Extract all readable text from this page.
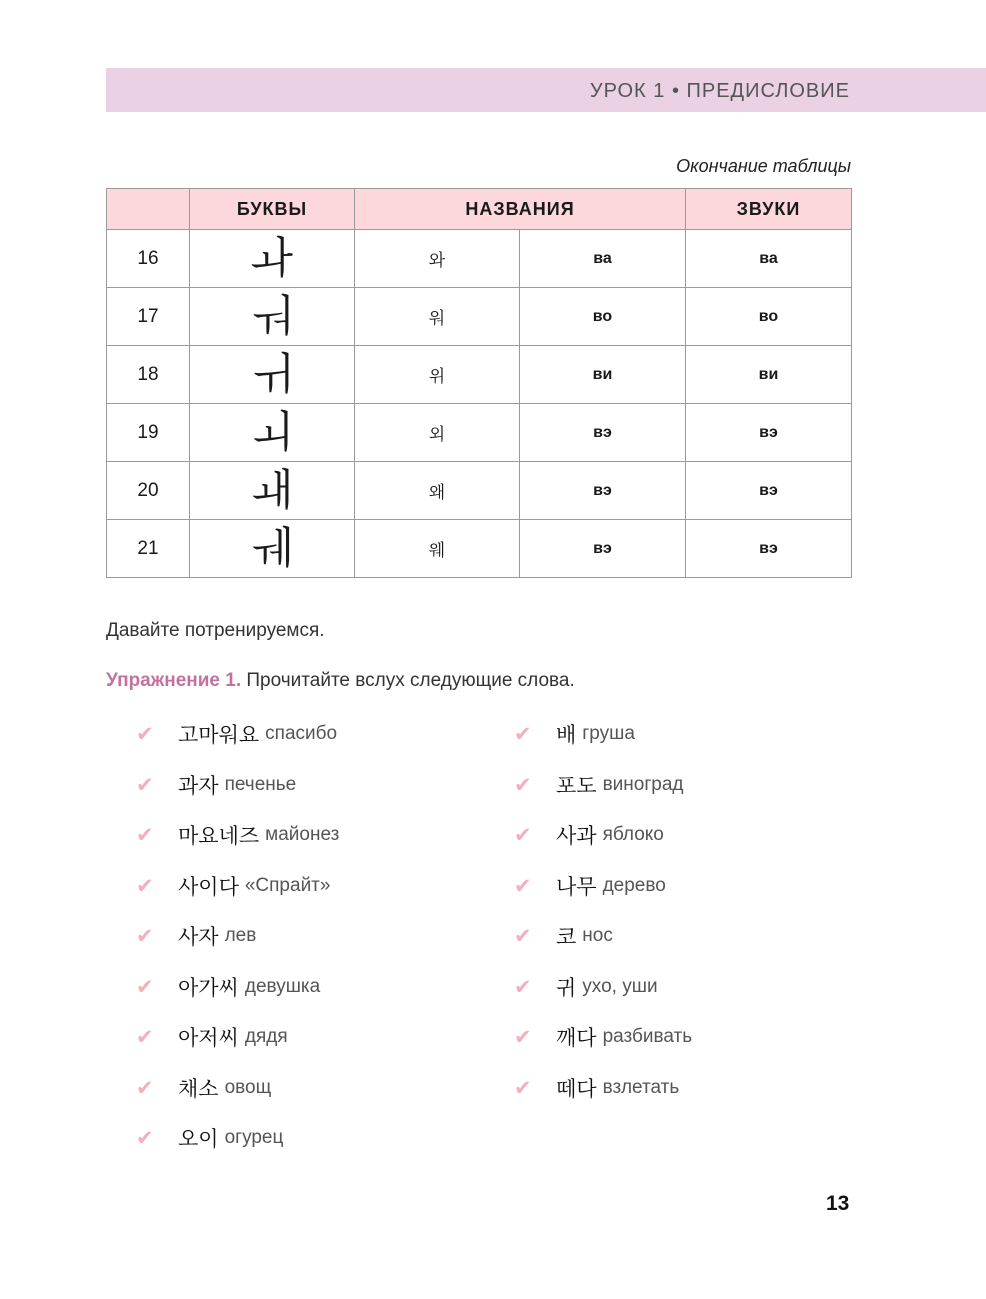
УРОК 1 • ПРЕДИСЛОВИЕ
Окончание таблицы
	БУКВЫ	НАЗВАНИЯ		ЗВУКИ
16	ㅘ	와	ва	ва
17	ㅝ	워	во	во
18	ㅟ	위	ви	ви
19	ㅚ	외	вэ	вэ
20	ㅙ	왜	вэ	вэ
21	ㅞ	웨	вэ	вэ
Давайте потренируемся.
Упражнение 1. Прочитайте вслух следующие слова.
✔	고마워요 спасибо
✔	과자 печенье
✔	마요네즈 майонез
✔	사이다 «Спрайт»
✔	사자 лев
✔	아가씨 девушка
✔	아저씨 дядя
✔	채소 овощ
✔	오이 огурец
✔	배 груша
✔	포도 виноград
✔	사과 яблоко
✔	나무 дерево
✔	코 нос
✔	귀 ухо, уши
✔	깨다 разбивать
✔	떼다 взлетать
13
